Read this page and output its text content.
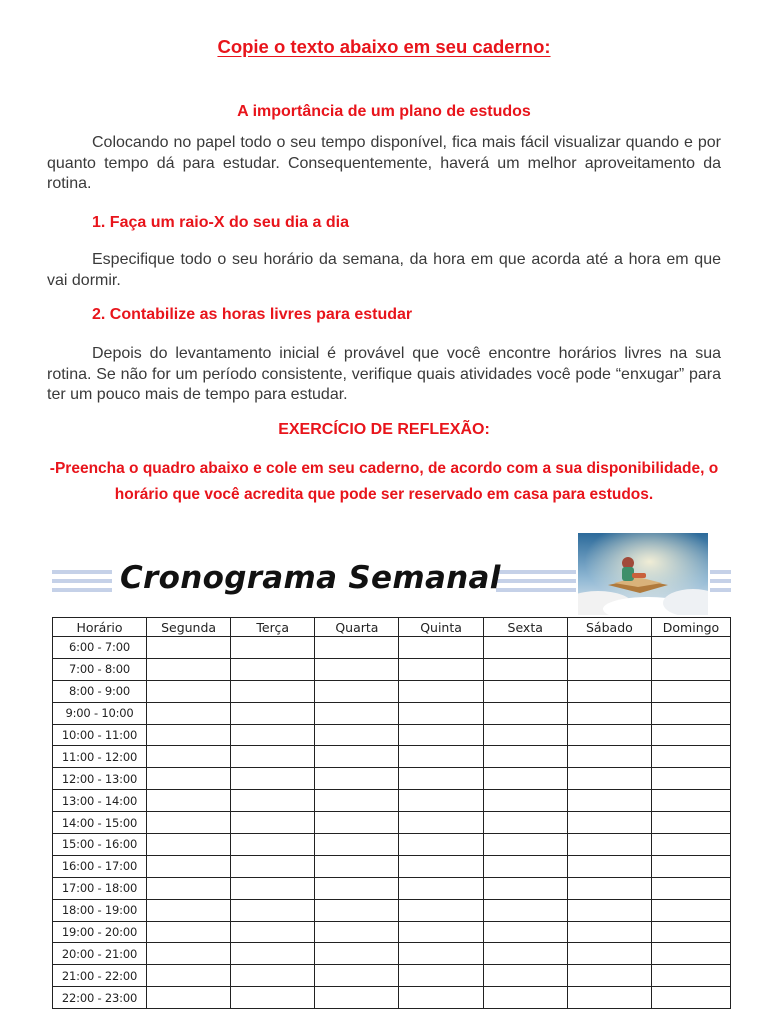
Copie o texto abaixo em seu caderno:
A importância de um plano de estudos

Colocando no papel todo o seu tempo disponível, fica mais fácil visualizar quando e por quanto tempo dá para estudar. Consequentemente, haverá um melhor aproveitamento da rotina.

1. Faça um raio-X do seu dia a dia

Especifique todo o seu horário da semana, da hora em que acorda até a hora em que vai dormir.

2. Contabilize as horas livres para estudar

Depois do levantamento inicial é provável que você encontre horários livres na sua rotina. Se não for um período consistente, verifique quais atividades você pode “enxugar” para ter um pouco mais de tempo para estudar.

EXERCÍCIO DE REFLEXÃO:

-Preencha o quadro abaixo e cole em seu caderno, de acordo com a sua disponibilidade, o horário que você acredita que pode ser reservado em casa para estudos.

Cronograma Semanal
Horário	Segunda	Terça	Quarta	Quinta	Sexta	Sábado	Domingo
6:00 - 7:00							
7:00 - 8:00							
8:00 - 9:00							
9:00 - 10:00							
10:00 - 11:00							
11:00 - 12:00							
12:00 - 13:00							
13:00 - 14:00							
14:00 - 15:00							
15:00 - 16:00							
16:00 - 17:00							
17:00 - 18:00							
18:00 - 19:00							
19:00 - 20:00							
20:00 - 21:00							
21:00 - 22:00							
22:00 - 23:00							
